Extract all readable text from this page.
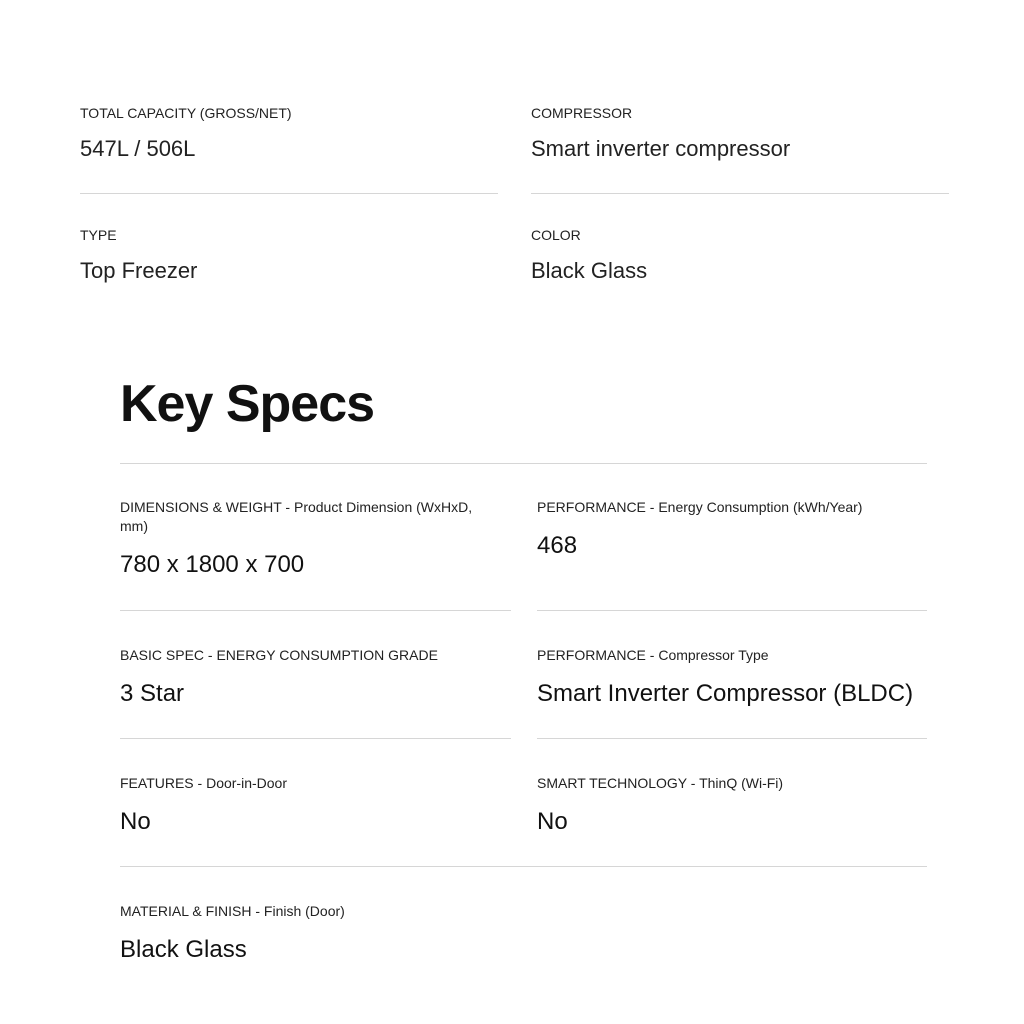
TOTAL CAPACITY (GROSS/NET)

547L / 506L

COMPRESSOR

Smart inverter compressor

TYPE

Top Freezer

COLOR

Black Glass

Key Specs

DIMENSIONS & WEIGHT - Product Dimension (WxHxD, mm)

780 x 1800 x 700

PERFORMANCE - Energy Consumption (kWh/Year)

468

BASIC SPEC - ENERGY CONSUMPTION GRADE

3 Star

PERFORMANCE - Compressor Type

Smart Inverter Compressor (BLDC)

FEATURES - Door-in-Door

No

SMART TECHNOLOGY - ThinQ (Wi-Fi)

No

MATERIAL & FINISH - Finish (Door)

Black Glass
